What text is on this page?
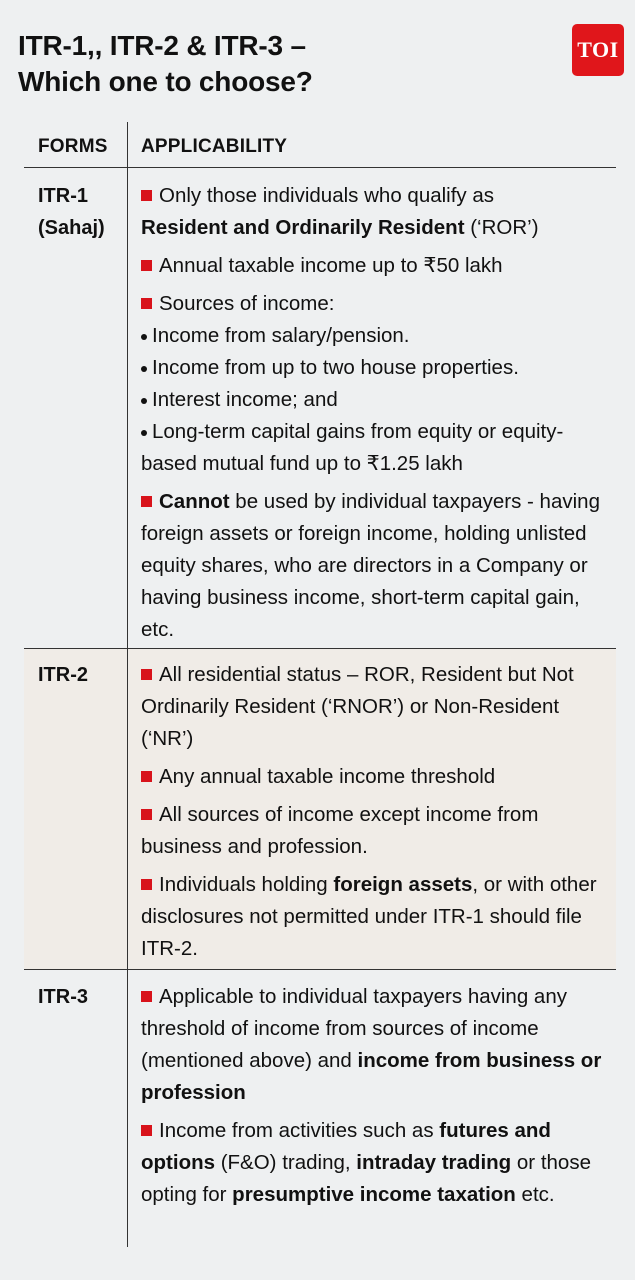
ITR-1,, ITR-2 & ITR-3 –
Which one to choose?
TOI
FORMS APPLICABILITY
ITR-1
(Sahaj)
Only those individuals who qualify as
Resident and Ordinarily Resident (‘ROR’)
Annual taxable income up to ₹50 lakh
Sources of income:
Income from salary/pension.
Income from up to two house properties.
Interest income; and
Long-term capital gains from equity or equity-based mutual fund up to ₹1.25 lakh
Cannot be used by individual taxpayers - having foreign assets or foreign income, holding unlisted equity shares, who are directors in a Company or having business income, short-term capital gain, etc.
ITR-2	All residential status – ROR, Resident but Not Ordinarily Resident (‘RNOR’) or Non-Resident (‘NR’)
Any annual taxable income threshold
All sources of income except income from business and profession.
Individuals holding foreign assets, or with other disclosures not permitted under ITR-1 should file ITR-2.
ITR-3	Applicable to individual taxpayers having any threshold of income from sources of income (mentioned above) and income from business or profession
Income from activities such as futures and options (F&O) trading, intraday trading or those opting for presumptive income taxation etc.
